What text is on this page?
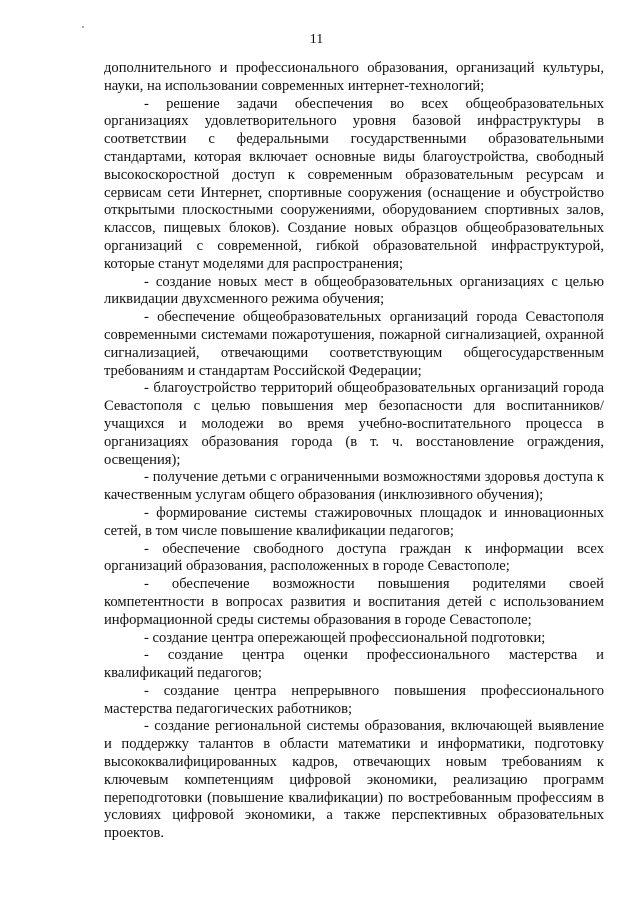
11

дополнительного и профессионального образования, организаций культуры, науки, на использовании современных интернет-технологий;

- решение задачи обеспечения во всех общеобразовательных организациях удовлетворительного уровня базовой инфраструктуры в соответствии с федеральными государственными образовательными стандартами, которая включает основные виды благоустройства, свободный высокоскоростной доступ к современным образовательным ресурсам и сервисам сети Интернет, спортивные сооружения (оснащение и обустройство открытыми плоскостными сооружениями, оборудованием спортивных залов, классов, пищевых блоков). Создание новых образцов общеобразовательных организаций с современной, гибкой образовательной инфраструктурой, которые станут моделями для распространения;

- создание новых мест в общеобразовательных организациях с целью ликвидации двухсменного режима обучения;

- обеспечение общеобразовательных организаций города Севастополя современными системами пожаротушения, пожарной сигнализацией, охранной сигнализацией, отвечающими соответствующим общегосударственным требованиям и стандартам Российской Федерации;

- благоустройство территорий общеобразовательных организаций города Севастополя с целью повышения мер безопасности для воспитанников/учащихся и молодежи во время учебно-воспитательного процесса в организациях образования города (в т. ч. восстановление ограждения, освещения);

- получение детьми с ограниченными возможностями здоровья доступа к качественным услугам общего образования (инклюзивного обучения);

- формирование системы стажировочных площадок и инновационных сетей, в том числе повышение квалификации педагогов;

- обеспечение свободного доступа граждан к информации всех организаций образования, расположенных в городе Севастополе;

- обеспечение возможности повышения родителями своей компетентности в вопросах развития и воспитания детей с использованием информационной среды системы образования в городе Севастополе;

- создание центра опережающей профессиональной подготовки;

- создание центра оценки профессионального мастерства и квалификаций педагогов;

- создание центра непрерывного повышения профессионального мастерства педагогических работников;

- создание региональной системы образования, включающей выявление и поддержку талантов в области математики и информатики, подготовку высококвалифицированных кадров, отвечающих новым требованиям к ключевым компетенциям цифровой экономики, реализацию программ переподготовки (повышение квалификации) по востребованным профессиям в условиях цифровой экономики, а также перспективных образовательных проектов.
